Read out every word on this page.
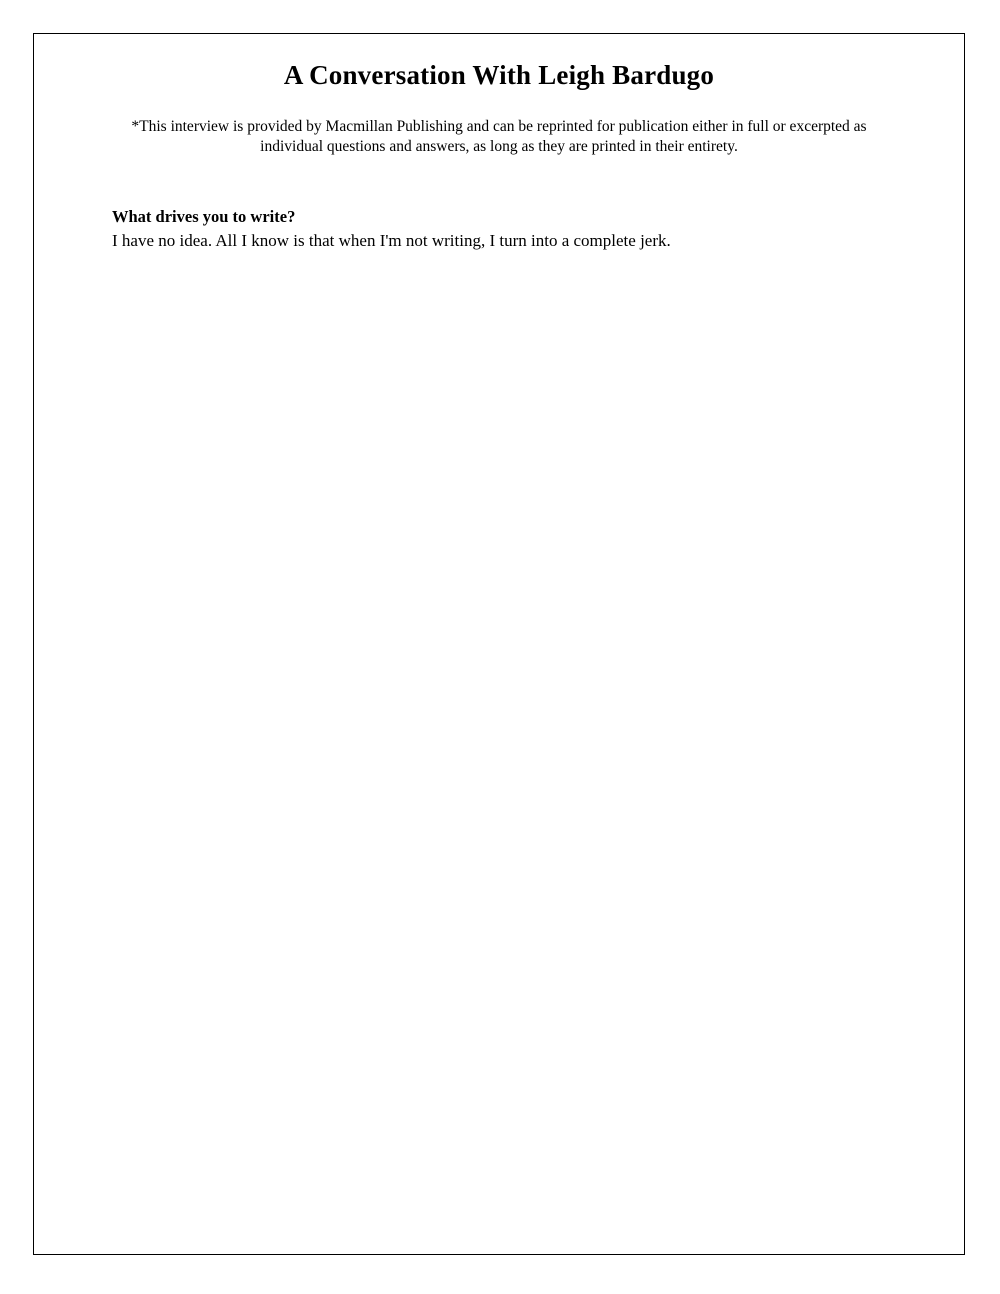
A Conversation With Leigh Bardugo

*This interview is provided by Macmillan Publishing and can be reprinted for publication either in full or excerpted as individual questions and answers, as long as they are printed in their entirety.

What drives you to write?

I have no idea. All I know is that when I'm not writing, I turn into a complete jerk.
